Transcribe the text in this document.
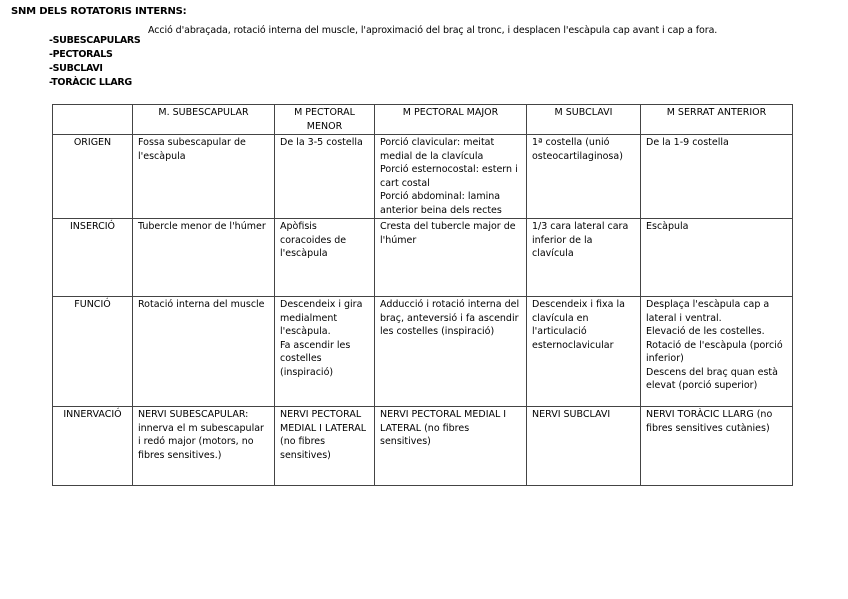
SNM DELS ROTATORIS INTERNS:
-SUBESCAPULARS
-PECTORALS
-SUBCLAVI
-TORÀCIC LLARG
Acció d'abraçada, rotació interna del muscle, l'aproximació del braç al tronc, i desplacen l'escàpula cap avant i cap a fora.
	M. SUBESCAPULAR	M PECTORAL MENOR	M PECTORAL MAJOR	M SUBCLAVI	M SERRAT ANTERIOR
ORIGEN	Fossa subescapular de l'escàpula	De la 3-5 costella	Porció clavicular: meitat medial de la clavícula
Porció esternocostal: estern i cart costal
Porció abdominal: lamina anterior beina dels rectes	1ª costella (unió osteocartilaginosa)	De la 1-9 costella

INSERCIÓ	Tubercle menor de l'húmer	Apòfisis coracoides de l'escàpula	Cresta del tubercle major de l'húmer	1/3 cara lateral cara inferior de la clavícula	Escàpula

FUNCIÓ	Rotació interna del muscle	Descendeix i gira medialment l'escàpula.
Fa ascendir les costelles (inspiració)	Adducció i rotació interna del braç, anteversió i fa ascendir les costelles (inspiració)	Descendeix i fixa la clavícula en l'articulació esternoclavicular	Desplaça l'escàpula cap a lateral i ventral.
Elevació de les costelles.
Rotació de l'escàpula (porció inferior)
Descens del braç quan està elevat (porció superior)

INNERVACIÓ	NERVI SUBESCAPULAR: innerva el m subescapular i redó major (motors, no fibres sensitives.)	NERVI PECTORAL MEDIAL I LATERAL
(no fibres sensitives)	NERVI PECTORAL MEDIAL I LATERAL (no fibres sensitives)	NERVI SUBCLAVI	NERVI TORÀCIC LLARG (no fibres sensitives cutànies)
